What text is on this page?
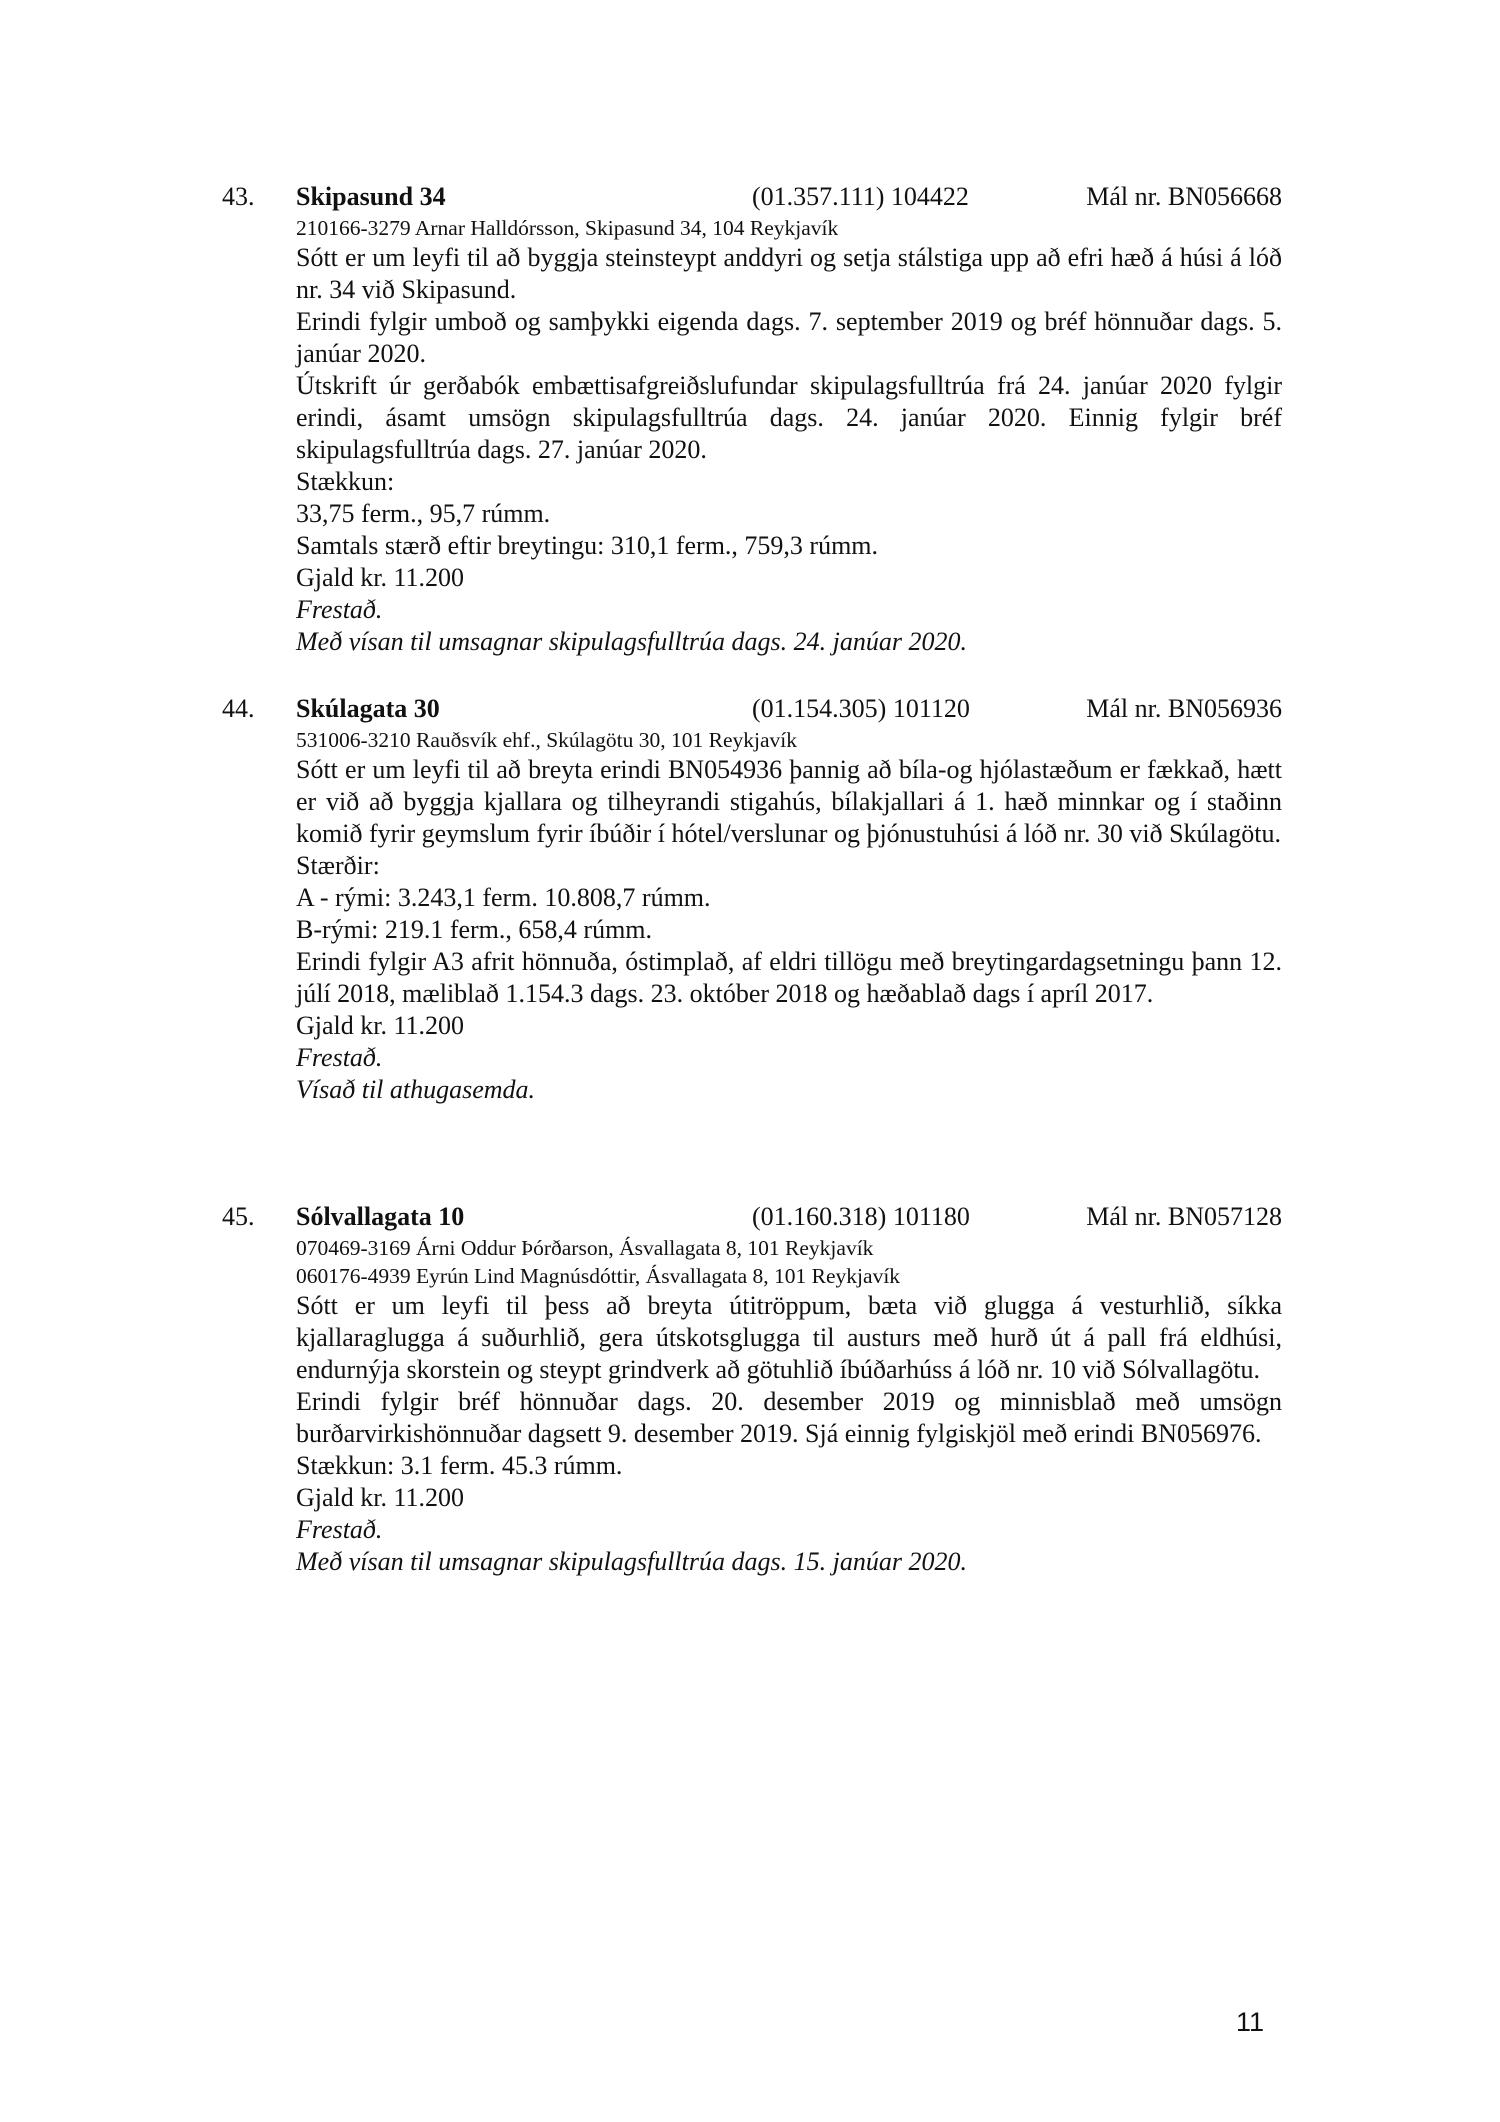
43. Skipasund 34	(01.357.111) 104422	Mál nr. BN056668
210166-3279 Arnar Halldórsson, Skipasund 34, 104 Reykjavík
Sótt er um leyfi til að byggja steinsteypt anddyri og setja stálstiga upp að efri hæð á húsi á lóð nr. 34 við Skipasund.
Erindi fylgir umboð og samþykki eigenda dags. 7. september 2019 og bréf hönnuðar dags. 5. janúar 2020.
Útskrift úr gerðabók embættisafgreiðslufundar skipulagsfulltrúa frá 24. janúar 2020 fylgir erindi, ásamt umsögn skipulagsfulltrúa dags. 24. janúar 2020. Einnig fylgir bréf skipulagsfulltrúa dags. 27. janúar 2020.
Stækkun:
33,75 ferm., 95,7 rúmm.
Samtals stærð eftir breytingu: 310,1 ferm., 759,3 rúmm.
Gjald kr. 11.200
Frestað.
Með vísan til umsagnar skipulagsfulltrúa dags. 24. janúar 2020.
44. Skúlagata 30	(01.154.305) 101120	Mál nr. BN056936
531006-3210 Rauðsvík ehf., Skúlagötu 30, 101 Reykjavík
Sótt er um leyfi til að breyta erindi BN054936 þannig að bíla-og hjólastæðum er fækkað, hætt er við að byggja kjallara og tilheyrandi stigahús, bílakjallari á 1. hæð minnkar og í staðinn komið fyrir geymslum fyrir íbúðir í hótel/verslunar og þjónustuhúsi á lóð nr. 30 við Skúlagötu.
Stærðir:
A - rými: 3.243,1 ferm. 10.808,7 rúmm.
B-rými: 219.1 ferm., 658,4 rúmm.
Erindi fylgir A3 afrit hönnuða, óstimplað, af eldri tillögu með breytingardagsetningu þann 12. júlí 2018, mæliblað 1.154.3 dags. 23. október 2018 og hæðablað dags í apríl 2017.
Gjald kr. 11.200
Frestað.
Vísað til athugasemda.
45. Sólvallagata 10	(01.160.318) 101180	Mál nr. BN057128
070469-3169 Árni Oddur Þórðarson, Ásvallagata 8, 101 Reykjavík
060176-4939 Eyrún Lind Magnúsdóttir, Ásvallagata 8, 101 Reykjavík
Sótt er um leyfi til þess að breyta útitröppum, bæta við glugga á vesturhlið, síkka kjallaraglugga á suðurhlið, gera útskotsglugga til austurs með hurð út á pall frá eldhúsi, endurnýja skorstein og steypt grindverk að götuhlið íbúðarhúss á lóð nr. 10 við Sólvallagötu.
Erindi fylgir bréf hönnuðar dags. 20. desember 2019 og minnisblað með umsögn burðarvirkishönnuðar dagsett 9. desember 2019. Sjá einnig fylgiskjöl með erindi BN056976.
Stækkun: 3.1 ferm. 45.3 rúmm.
Gjald kr. 11.200
Frestað.
Með vísan til umsagnar skipulagsfulltrúa dags. 15. janúar 2020.
11
